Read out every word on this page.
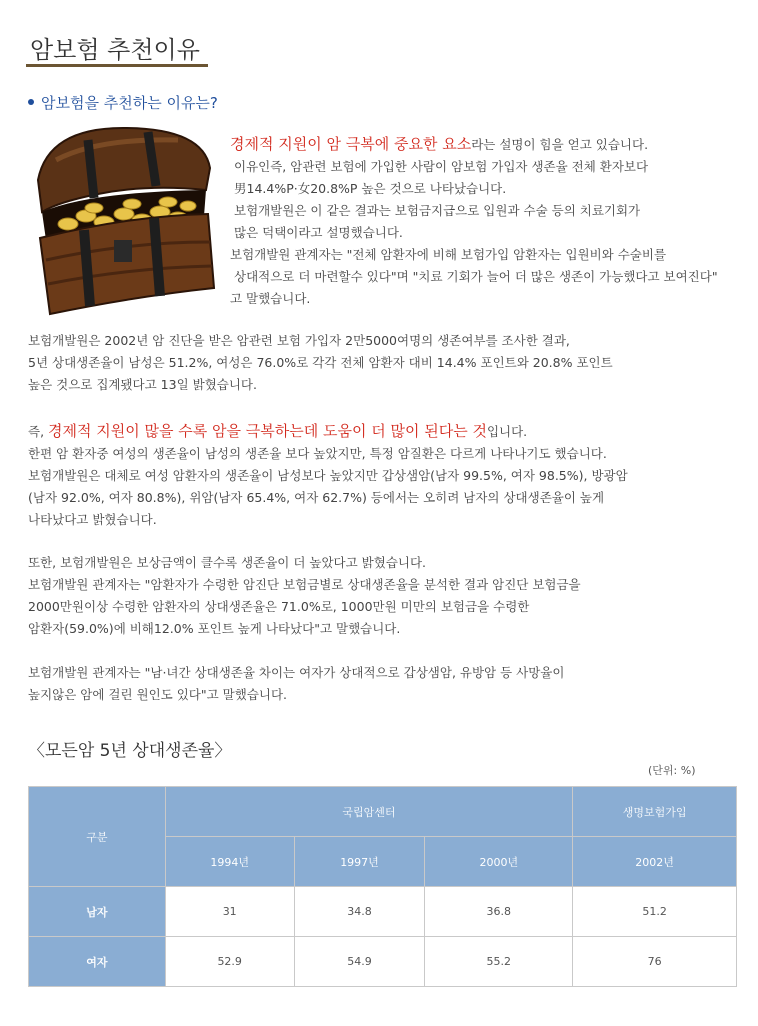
암보험 추천이유
암보험을 추천하는 이유는?

경제적 지원이 암 극복에 중요한 요소라는 설명이 힘을 얻고 있습니다.

이유인즉, 암관련 보험에 가입한 사람이 암보험 가입자 생존율 전체 환자보다

男14.4%P·女20.8%P 높은 것으로 나타났습니다.

보험개발원은 이 같은 결과는 보험금지급으로 입원과 수술 등의 치료기회가

많은 덕택이라고 설명했습니다.

보험개발원 관계자는 "전체 암환자에 비해 보험가입 암환자는 입원비와 수술비를

상대적으로 더 마련할수 있다"며 "치료 기회가 늘어 더 많은 생존이 가능했다고 보여진다"

고 말했습니다.

보험개발원은 2002년 암 진단을 받은 암관련 보험 가입자 2만5000여명의 생존여부를 조사한 결과,

5년 상대생존율이 남성은 51.2%, 여성은 76.0%로 각각 전체 암환자 대비 14.4% 포인트와 20.8% 포인트

높은 것으로 집계됐다고 13일 밝혔습니다.

즉, 경제적 지원이 많을 수록 암을 극복하는데 도움이 더 많이 된다는 것입니다.

한편 암 환자중 여성의 생존율이 남성의 생존율 보다 높았지만, 특정 암질환은 다르게 나타나기도 했습니다.

보험개발원은 대체로 여성 암환자의 생존율이 남성보다 높았지만 갑상샘암(남자 99.5%, 여자 98.5%), 방광암

(남자 92.0%, 여자 80.8%), 위암(남자 65.4%, 여자 62.7%) 등에서는 오히려 남자의 상대생존율이 높게

나타났다고 밝혔습니다.

또한, 보험개발원은 보상금액이 클수록 생존율이 더 높았다고 밝혔습니다.

보험개발원 관계자는 "암환자가 수령한 암진단 보험금별로 상대생존율을 분석한 결과 암진단 보험금을

2000만원이상 수령한 암환자의 상대생존율은 71.0%로, 1000만원 미만의 보험금을 수령한

암환자(59.0%)에 비해12.0% 포인트 높게 나타났다"고 말했습니다.

보험개발원 관계자는 "남·녀간 상대생존율 차이는 여자가 상대적으로 갑상샘암, 유방암 등 사망율이

높지않은 암에 걸린 원인도 있다"고 말했습니다.

〈모든암 5년 상대생존율〉
(단위: %)
구분	국립암센터			생명보험가입
	1994년	1997년	2000년	2002년
남자	31	34.8	36.8	51.2
여자	52.9	54.9	55.2	76
